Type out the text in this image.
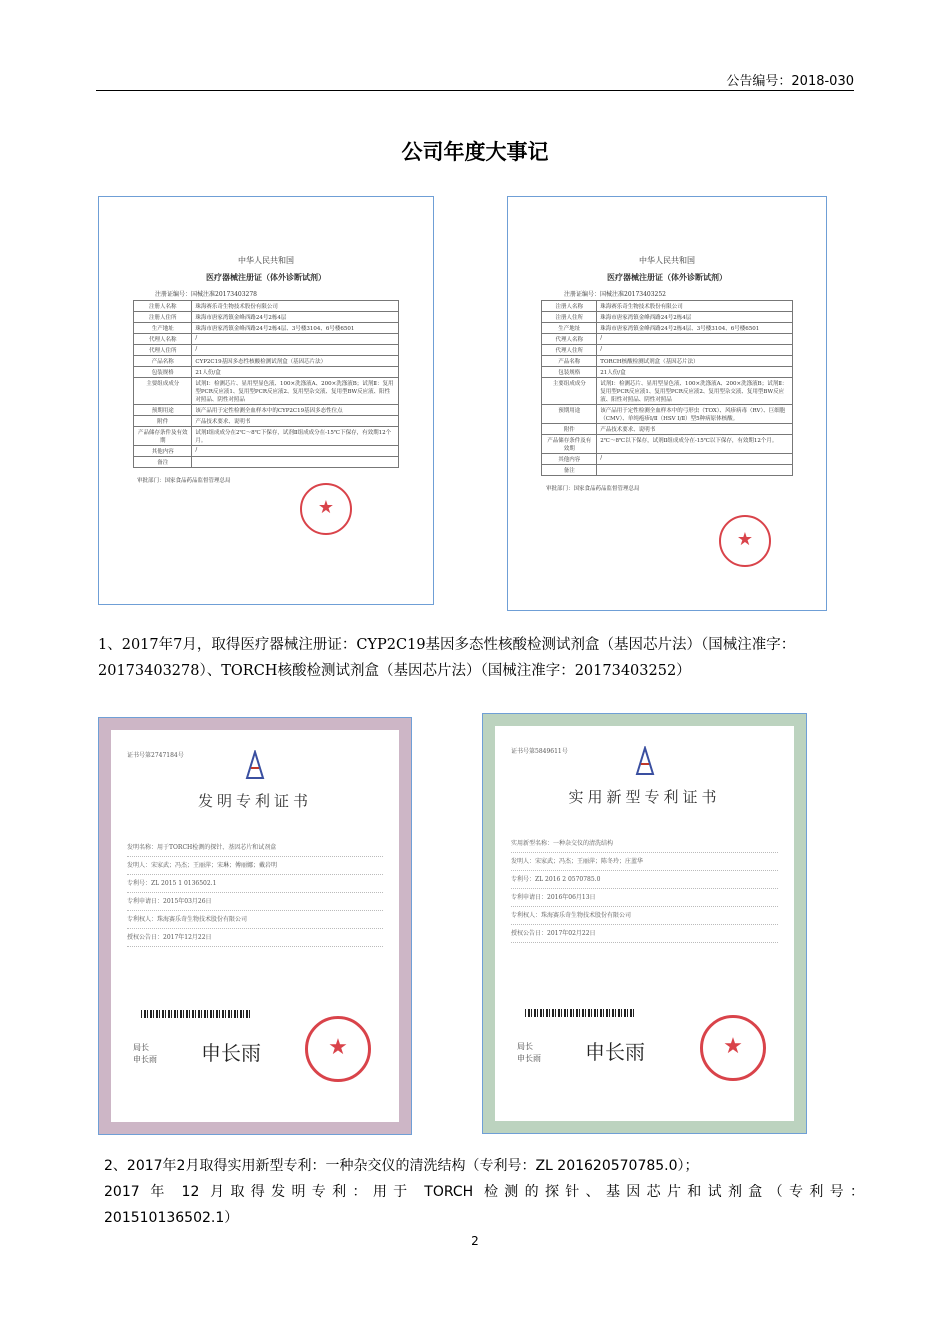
公告编号：2018-030
公司年度大事记
中华人民共和国
医疗器械注册证（体外诊断试剂）
注册证编号：国械注准20173403278
注册人名称	珠海赛乐奇生物技术股份有限公司
注册人住所	珠海市唐家湾镇金峰西路24号2栋4层
生产地址	珠海市唐家湾镇金峰西路24号2栋4层、3号楼3104、6号楼6501
代理人名称	/
代理人住所	/
产品名称	CYP2C19基因多态性核酸检测试剂盒（基因芯片法）
包装规格	21人份/盒
主要组成成分	试剂Ⅰ：检测芯片、显用型显色液、100×洗涤液A、200×洗涤液B；试剂Ⅱ：复用型PCR反应液1、复用型PCR反应液2、复用型杂交液、复用型BW反应液、阳性对照品、阴性对照品
预期用途	该产品用于定性检测全血样本中的CYP2C19基因多态性位点
附件	产品技术要求、说明书
产品储存条件及有效期	试剂Ⅰ组成成分在2℃～8℃下保存，试剂Ⅱ组成成分在-15℃下保存，有效期12个月。
其他内容	/
备注	
审批部门：国家食品药品监督管理总局
★
中华人民共和国
医疗器械注册证（体外诊断试剂）
注册证编号：国械注准20173403252
注册人名称	珠海赛乐奇生物技术股份有限公司
注册人住所	珠海市唐家湾镇金峰西路24号2栋4层
生产地址	珠海市唐家湾镇金峰西路24号2栋4层、3号楼3104、6号楼6501
代理人名称	/
代理人住所	/
产品名称	TORCH核酸检测试剂盒（基因芯片法）
包装规格	21人份/盒
主要组成成分	试剂Ⅰ：检测芯片、显用型显色液、100×洗涤液A、200×洗涤液B；试剂Ⅱ：复用型PCR反应液1、复用型PCR反应液2、复用型杂交液、复用型BW反应液、阳性对照品、阴性对照品
预期用途	该产品用于定性检测全血样本中的弓形虫（TOX）、风疹病毒（RV）、巨细胞（CMV）、单纯疱疹Ⅰ/Ⅱ（HSV Ⅰ/Ⅱ）型5种病原体核酸。
附件	产品技术要求、说明书
产品储存条件及有效期	2℃～8℃以下保存，试剂Ⅱ组成成分在-15℃以下保存，有效期12个月。
其他内容	/
备注	
审批部门：国家食品药品监督管理总局
★
1、2017年7月，取得医疗器械注册证：CYP2C19基因多态性核酸检测试剂盒（基因芯片法）（国械注准字：20173403278）、TORCH核酸检测试剂盒（基因芯片法）（国械注准字：20173403252）
证书号第2747184号
发明专利证书
发明名称：用于TORCH检测的探针、基因芯片和试剂盒
发明人：宋家武；冯杰；王丽萍；宋琳；傅丽娜；戴岩明
专利号：ZL 2015 1 0136502.1
专利申请日：2015年03月26日
专利权人：珠海赛乐奇生物技术股份有限公司
授权公告日：2017年12月22日
局长
申长雨 申长雨
★
证书号第5849611号
实用新型专利证书
实用新型名称：一种杂交仪的清洗结构
发明人：宋家武；冯杰；王丽萍；陈冬玲；庄蓝华
专利号：ZL 2016 2 0570785.0
专利申请日：2016年06月13日
专利权人：珠海赛乐奇生物技术股份有限公司
授权公告日：2017年02月22日
局长
申长雨 申长雨
★
2、2017年2月取得实用新型专利：一种杂交仪的清洗结构（专利号：ZL 201620570785.0）；
2017 年 12 月取得发明专利：用于 TORCH 检测的探针、基因芯片和试剂盒（专利号：
201510136502.1）
2
